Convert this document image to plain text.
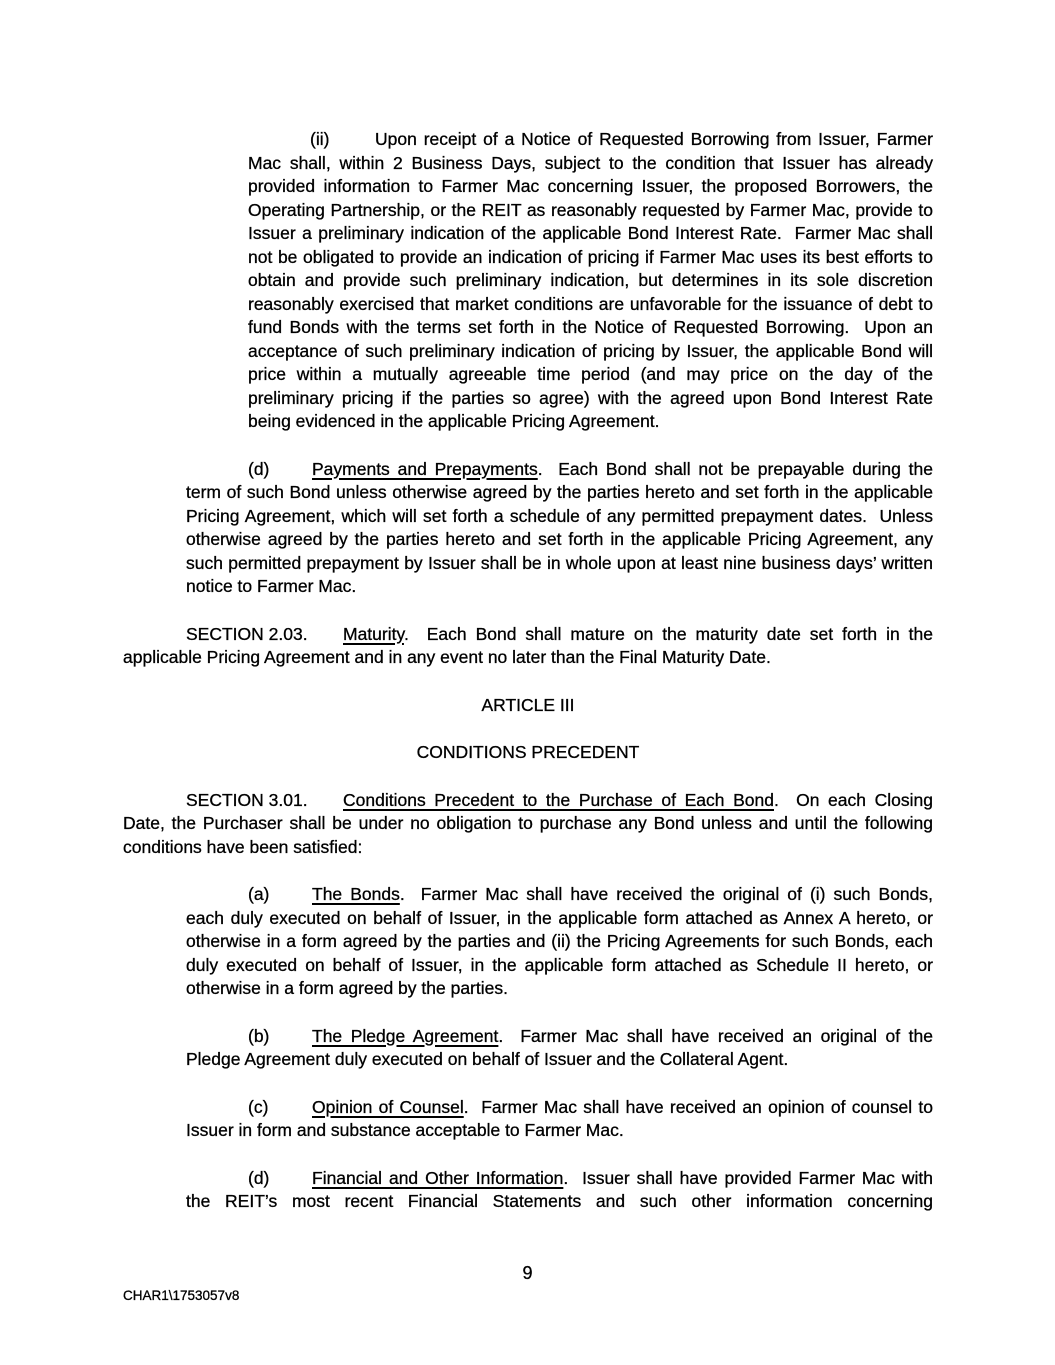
(ii)	Upon receipt of a Notice of Requested Borrowing from Issuer, Farmer Mac shall, within 2 Business Days, subject to the condition that Issuer has already provided information to Farmer Mac concerning Issuer, the proposed Borrowers, the Operating Partnership, or the REIT as reasonably requested by Farmer Mac, provide to Issuer a preliminary indication of the applicable Bond Interest Rate.  Farmer Mac shall not be obligated to provide an indication of pricing if Farmer Mac uses its best efforts to obtain and provide such preliminary indication, but determines in its sole discretion reasonably exercised that market conditions are unfavorable for the issuance of debt to fund Bonds with the terms set forth in the Notice of Requested Borrowing.  Upon an acceptance of such preliminary indication of pricing by Issuer, the applicable Bond will price within a mutually agreeable time period (and may price on the day of the preliminary pricing if the parties so agree) with the agreed upon Bond Interest Rate being evidenced in the applicable Pricing Agreement.

(d) Payments and Prepayments.  Each Bond shall not be prepayable during the term of such Bond unless otherwise agreed by the parties hereto and set forth in the applicable Pricing Agreement, which will set forth a schedule of any permitted prepayment dates.  Unless otherwise agreed by the parties hereto and set forth in the applicable Pricing Agreement, any such permitted prepayment by Issuer shall be in whole upon at least nine business days’ written notice to Farmer Mac.

SECTION 2.03. Maturity.  Each Bond shall mature on the maturity date set forth in the applicable Pricing Agreement and in any event no later than the Final Maturity Date.

ARTICLE III
CONDITIONS PRECEDENT

SECTION 3.01. Conditions Precedent to the Purchase of Each Bond.  On each Closing Date, the Purchaser shall be under no obligation to purchase any Bond unless and until the following conditions have been satisfied:

(a) The Bonds.  Farmer Mac shall have received the original of (i) such Bonds, each duly executed on behalf of Issuer, in the applicable form attached as Annex A hereto, or otherwise in a form agreed by the parties and (ii) the Pricing Agreements for such Bonds, each duly executed on behalf of Issuer, in the applicable form attached as Schedule II hereto, or otherwise in a form agreed by the parties.

(b) The Pledge Agreement.  Farmer Mac shall have received an original of the Pledge Agreement duly executed on behalf of Issuer and the Collateral Agent.

(c) Opinion of Counsel.  Farmer Mac shall have received an opinion of counsel to Issuer in form and substance acceptable to Farmer Mac.

(d) Financial and Other Information.  Issuer shall have provided Farmer Mac with the REIT’s most recent Financial Statements and such other information concerning

9
CHAR1\1753057v8
